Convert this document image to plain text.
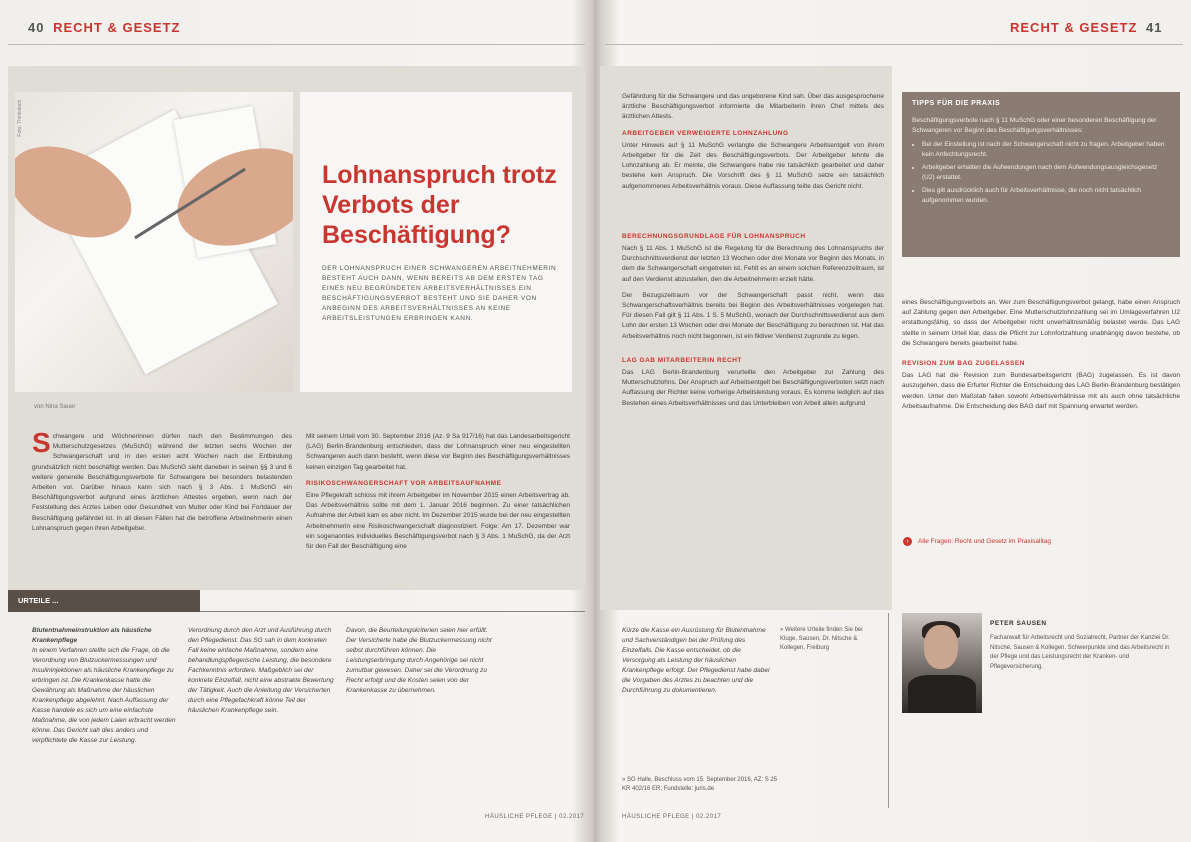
40 RECHT & GESETZ	RECHT & GESETZ 41
Foto: Thinkstock
von Nina Sauer
Lohnanspruch trotz Verbots der Beschäftigung?
DER LOHNANSPRUCH EINER SCHWANGEREN ARBEITNEHMERIN BESTEHT AUCH DANN, WENN BEREITS AB DEM ERSTEN TAG EINES NEU BEGRÜNDETEN ARBEITSVERHÄLTNISSES EIN BESCHÄFTIGUNGSVERBOT BESTEHT UND SIE DAHER VON ANBEGINN DES ARBEITSVERHÄLTNISSES AN KEINE ARBEITSLEISTUNGEN ERBRINGEN KANN.
S chwangere und Wöchnerinnen dürfen nach den Bestimmungen des Mutterschutzgesetzes (MuSchG) während der letzten sechs Wochen der Schwangerschaft und in den ersten acht Wochen nach der Entbindung grundsätzlich nicht beschäftigt werden. Das MuSchG sieht daneben in seinen §§ 3 und 6 weitere generelle Beschäftigungsverbote für Schwangere bei besonders belastenden Arbeiten vor. Darüber hinaus kann sich nach § 3 Abs. 1 MuSchG ein Beschäftigungsverbot aufgrund eines ärztlichen Attestes ergeben, wenn nach der Feststellung des Arztes Leben oder Gesundheit von Mutter oder Kind bei Fortdauer der Beschäftigung gefährdet ist. In all diesen Fällen hat die betroffene Arbeitnehmerin einen Lohnanspruch gegen ihren Arbeitgeber.
Mit seinem Urteil vom 30. September 2016 (Az. 9 Sa 917/16) hat das Landesarbeitsgericht (LAG) Berlin-Brandenburg entschieden, dass der Lohnanspruch einer neu eingestellten Schwangeren auch dann besteht, wenn diese vor Beginn des Beschäftigungsverhältnisses keinen einzigen Tag gearbeitet hat.
RISIKOSCHWANGERSCHAFT VOR ARBEITSAUFNAHME
Eine Pflegekraft schloss mit ihrem Arbeitgeber im November 2015 einen Arbeitsvertrag ab. Das Arbeitsverhältnis sollte mit dem 1. Januar 2016 beginnen. Zu einer tatsächlichen Aufnahme der Arbeit kam es aber nicht. Im Dezember 2015 wurde bei der neu eingestellten Arbeitnehmerin eine Risikoschwangerschaft diagnostiziert. Folge: Am 17. Dezember war ein sogenanntes individuelles Beschäftigungsverbot nach § 3 Abs. 1 MuSchG, da der Arzt für den Fall der Beschäftigung eine
URTEILE ...
Blutentnahmeinstruktion als häusliche Krankenpflege
In einem Verfahren stellte sich die Frage, ob die Verordnung von Blutzuckermessungen und Insulininjektionen als häusliche Krankenpflege zu erbringen ist. Die Krankenkasse hatte die Gewährung als Maßnahme der häuslichen Krankenpflege abgelehnt. Nach Auffassung der Kasse handele es sich um eine einfachste Maßnahme, die von jedem Laien erbracht werden könne. Das Gericht sah dies anders und verpflichtete die Kasse zur Leistung.
Verordnung durch den Arzt und Ausführung durch den Pflegedienst. Das SG sah in dem konkreten Fall keine einfache Maßnahme, sondern eine behandlungspflegerische Leistung, die besondere Fachkenntnis erfordere. Maßgeblich sei der konkrete Einzelfall, nicht eine abstrakte Bewertung der Tätigkeit. Auch die Anleitung der Versicherten durch eine Pflegefachkraft könne Teil der häuslichen Krankenpflege sein.
Davon, die Beurteilungskriterien seien hier erfüllt. Der Versicherte habe die Blutzuckermessung nicht selbst durchführen können. Die Leistungserbringung durch Angehörige sei nicht zumutbar gewesen. Daher sei die Verordnung zu Recht erfolgt und die Kosten seien von der Krankenkasse zu übernehmen.
HÄUSLICHE PFLEGE | 02.2017
Gefährdung für die Schwangere und das ungeborene Kind sah. Über das ausgesprochene ärztliche Beschäftigungsverbot informierte die Mitarbeiterin ihren Chef mittels des ärztlichen Attests.
ARBEITGEBER VERWEIGERTE LOHNZAHLUNG
Unter Hinweis auf § 11 MuSchG verlangte die Schwangere Arbeitsentgelt von ihrem Arbeitgeber für die Zeit des Beschäftigungsverbots. Der Arbeitgeber lehnte die Lohnzahlung ab. Er meinte, die Schwangere habe nie tatsächlich gearbeitet und daher bestehe kein Anspruch. Die Vorschrift des § 11 MuSchG setze ein tatsächlich aufgenommenes Arbeitsverhältnis voraus. Diese Auffassung teilte das Gericht nicht.
BERECHNUNGSGRUNDLAGE FÜR LOHNANSPRUCH
Nach § 11 Abs. 1 MuSchG ist die Regelung für die Berechnung des Lohnanspruchs der Durchschnittsverdienst der letzten 13 Wochen oder drei Monate vor Beginn des Monats, in dem die Schwangerschaft eingetreten ist. Fehlt es an einem solchen Referenzzeitraum, ist auf den Verdienst abzustellen, den die Arbeitnehmerin erzielt hätte.
Der Bezugszeitraum vor der Schwangerschaft passt nicht, wenn das Schwangerschaftsverhältnis bereits bei Beginn des Arbeitsverhältnisses vorgelegen hat. Für diesen Fall gilt § 11 Abs. 1 S. 5 MuSchG, wonach der Durchschnittsverdienst aus dem Lohn der ersten 13 Wochen oder drei Monate der Beschäftigung zu berechnen ist. Hat das Arbeitsverhältnis noch nicht begonnen, ist ein fiktiver Verdienst zugrunde zu legen.
LAG GAB MITARBEITERIN RECHT
Das LAG Berlin-Brandenburg verurteilte den Arbeitgeber zur Zahlung des Mutterschutzlohns. Der Anspruch auf Arbeitsentgelt bei Beschäftigungsverboten setzt nach Auffassung der Richter keine vorherige Arbeitsleistung voraus. Es komme lediglich auf das Bestehen eines Arbeitsverhältnisses und das Unterbleiben von Arbeit allein aufgrund
TIPPS FÜR DIE PRAXIS
Beschäftigungsverbote nach § 11 MuSchG oder einer besonderen Beschäftigung der Schwangeren vor Beginn des Beschäftigungsverhältnisses:
• Bei der Einstellung ist nach der Schwangerschaft nicht zu fragen. Arbeitgeber haben kein Anfechtungsrecht.
• Arbeitgeber erhalten die Aufwendungen nach dem Aufwendungsausgleichsgesetz (U2) erstattet.
• Dies gilt ausdrücklich auch für Arbeitsverhältnisse, die noch nicht tatsächlich aufgenommen wurden.
eines Beschäftigungsverbots an. Wer zum Beschäftigungsverbot gelangt, habe einen Anspruch auf Zahlung gegen den Arbeitgeber. Eine Mutterschutzlohnzahlung sei im Umlageverfahren U2 erstattungsfähig, so dass der Arbeitgeber nicht unverhältnismäßig belastet werde. Das LAG stellte in seinem Urteil klar, dass die Pflicht zur Lohnfortzahlung unabhängig davon bestehe, ob die Schwangere bereits gearbeitet habe.
REVISION ZUM BAG ZUGELASSEN
Das LAG hat die Revision zum Bundesarbeitsgericht (BAG) zugelassen. Es ist davon auszugehen, dass die Erfurter Richter die Entscheidung des LAG Berlin-Brandenburg bestätigen werden. Unter den Maßstab fallen sowohl Arbeitsverhältnisse mit als auch ohne tatsächliche Arbeitsaufnahme. Die Entscheidung des BAG darf mit Spannung erwartet werden.
› Alle Fragen: Recht und Gesetz im Praxisalltag
Kürze die Kasse ein Ausrüstung für Blutentnahme und Sachverständigen bei der Prüfung des Einzelfalls. Die Kasse entscheidet, ob die Versorgung als Leistung der häuslichen Krankenpflege erfolgt. Der Pflegedienst habe dabei die Vorgaben des Arztes zu beachten und die Durchführung zu dokumentieren.
» SG Halle, Beschluss vom 15. September 2016, AZ: S 25 KR 402/16 ER; Fundstelle: juris.de
» Weitere Urteile finden Sie bei Kluge, Sausen, Dr. Nitsche & Kollegen, Freiburg
PETER SAUSEN
Fachanwalt für Arbeitsrecht und Sozialrecht, Partner der Kanzlei Dr. Nitsche, Sausen & Kollegen. Schwerpunkte sind das Arbeitsrecht in der Pflege und das Leistungsrecht der Kranken- und Pflegeversicherung.
HÄUSLICHE PFLEGE | 02.2017
